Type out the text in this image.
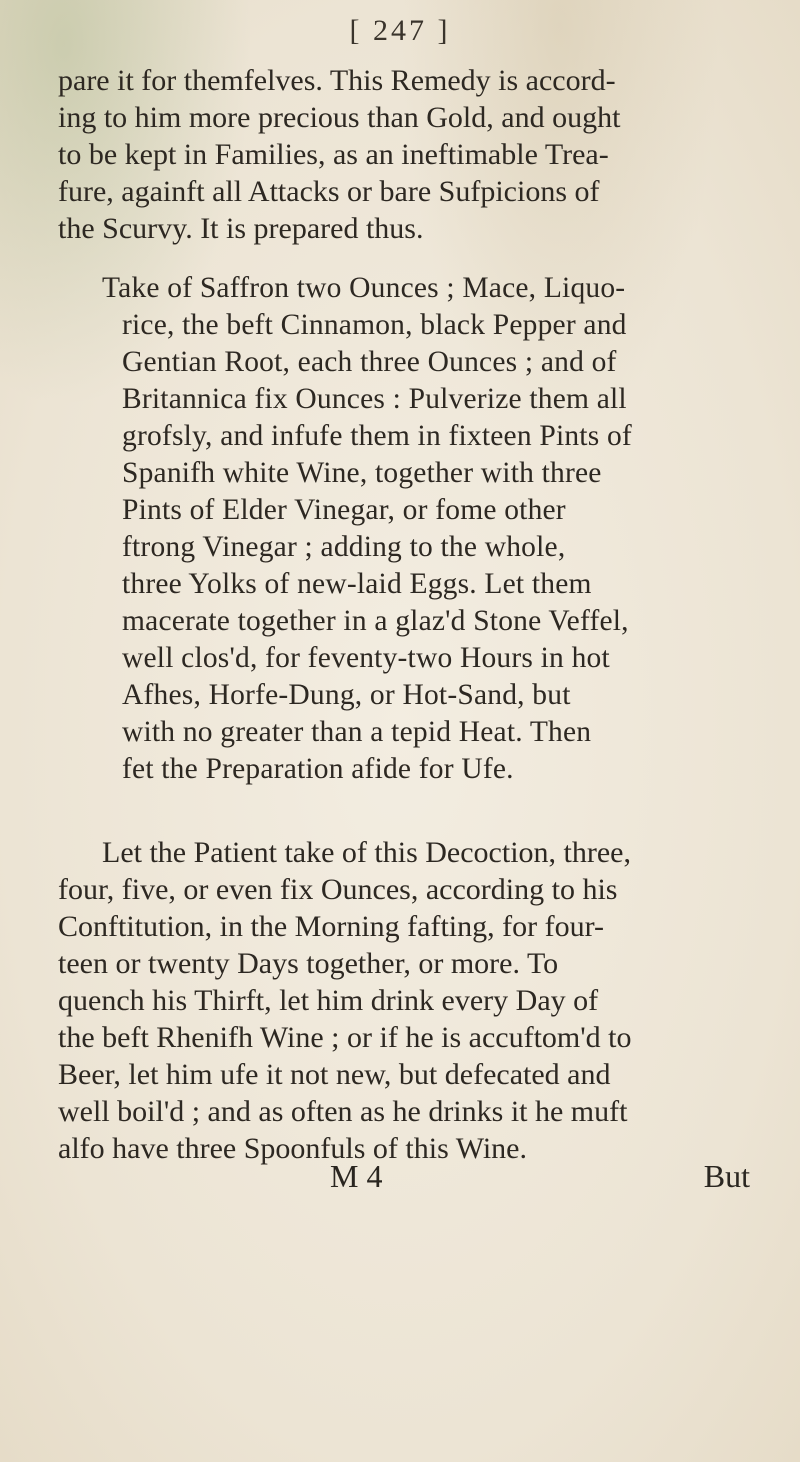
[ 247 ]

pare it for themfelves. This Remedy is accord-
ing to him more precious than Gold, and ought
to be kept in Families, as an ineftimable Trea-
fure, againft all Attacks or bare Sufpicions of
the Scurvy. It is prepared thus.

Take of Saffron two Ounces ; Mace, Liquo-
rice, the beft Cinnamon, black Pepper and
Gentian Root, each three Ounces ; and of
Britannica fix Ounces : Pulverize them all
grofsly, and infufe them in fixteen Pints of
Spanifh white Wine, together with three
Pints of Elder Vinegar, or fome other
ftrong Vinegar ; adding to the whole,
three Yolks of new-laid Eggs. Let them
macerate together in a glaz'd Stone Veffel,
well clos'd, for feventy-two Hours in hot
Afhes, Horfe-Dung, or Hot-Sand, but
with no greater than a tepid Heat. Then
fet the Preparation afide for Ufe.

Let the Patient take of this Decoction, three,
four, five, or even fix Ounces, according to his
Conftitution, in the Morning fafting, for four-
teen or twenty Days together, or more. To
quench his Thirft, let him drink every Day of
the beft Rhenifh Wine ; or if he is accuftom'd to
Beer, let him ufe it not new, but defecated and
well boil'd ; and as often as he drinks it he muft
alfo have three Spoonfuls of this Wine.

M 4	But
